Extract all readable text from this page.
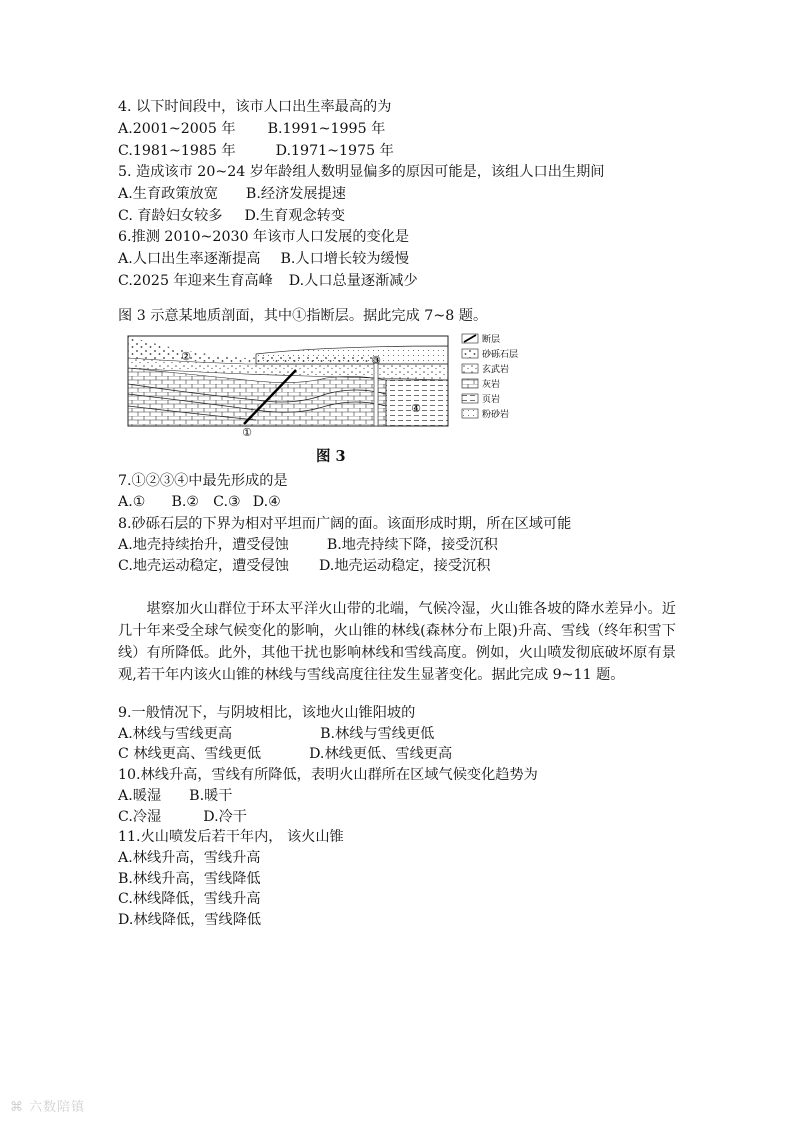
4. 以下时间段中，该市人口出生率最高的为
A.2001~2005 年 B.1991~1995 年
C.1981~1985 年	D.1971~1975 年
5. 造成该市 20~24 岁年龄组人数明显偏多的原因可能是，该组人口出生期间
A.生育政策放宽 B.经济发展提速
C. 育龄妇女较多 D.生育观念转变
6.推测 2010~2030 年该市人口发展的变化是
A.人口出生率逐渐提高 B.人口增长较为缓慢
C.2025 年迎来生育高峰 D.人口总量逐渐减少
图 3 示意某地质剖面，其中①指断层。据此完成 7~8 题。
①
②	③
④
断层
砂砾石层
玄武岩
灰岩
页岩
粉砂岩
图 3
7.①②③④中最先形成的是
A.① B.② C.③ D.④
8.砂砾石层的下界为相对平坦而广阔的面。该面形成时期，所在区域可能
A.地壳持续抬升，遭受侵蚀	B.地壳持续下降，接受沉积
C.地壳运动稳定，遭受侵蚀 D.地壳运动稳定，接受沉积
堪察加火山群位于环太平洋火山带的北端，气候冷湿，火山锥各坡的降水差异小。近几十年来受全球气候变化的影响，火山锥的林线(森林分布上限)升高、雪线（终年积雪下线）有所降低。此外，其他干扰也影响林线和雪线高度。例如，火山喷发彻底破坏原有景观,若干年内该火山锥的林线与雪线高度往往发生显著变化。据此完成 9~11 题。
9.一般情况下，与阴坡相比，该地火山锥阳坡的
A.林线与雪线更高	B.林线与雪线更低
C 林线更高、雪线更低	D.林线更低、雪线更高
10.林线升高，雪线有所降低，表明火山群所在区域气候变化趋势为
A.暖湿 B.暖干
C.冷湿	D.冷干
11.火山喷发后若干年内， 该火山锥
A.林线升高，雪线升高
B.林线升高，雪线降低
C.林线降低，雪线升高
D.林线降低，雪线降低
⌘ 六数陪镇
